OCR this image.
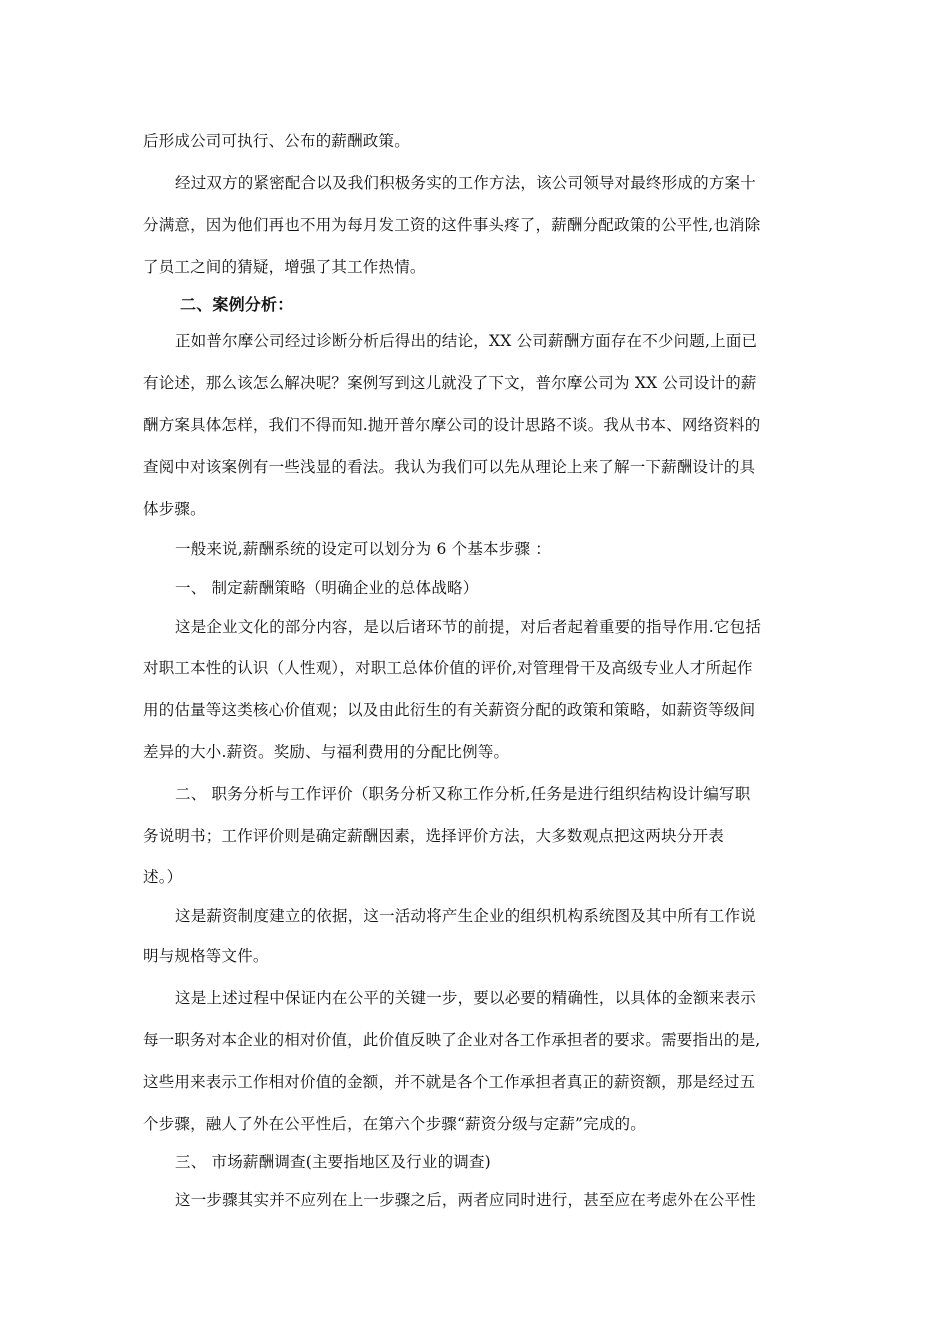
后形成公司可执行、公布的薪酬政策。
经过双方的紧密配合以及我们积极务实的工作方法，该公司领导对最终形成的方案十
分满意，因为他们再也不用为每月发工资的这件事头疼了，薪酬分配政策的公平性,也消除
了员工之间的猜疑，增强了其工作热情。
二、案例分析：
正如普尔摩公司经过诊断分析后得出的结论，XX 公司薪酬方面存在不少问题,上面已
有论述，那么该怎么解决呢？案例写到这儿就没了下文，普尔摩公司为 XX 公司设计的薪
酬方案具体怎样，我们不得而知.抛开普尔摩公司的设计思路不谈。我从书本、网络资料的
查阅中对该案例有一些浅显的看法。我认为我们可以先从理论上来了解一下薪酬设计的具
体步骤。
一般来说,薪酬系统的设定可以划分为 6 个基本步骤 ：
一、 制定薪酬策略（明确企业的总体战略）
这是企业文化的部分内容，是以后诸环节的前提，对后者起着重要的指导作用.它包括
对职工本性的认识（人性观），对职工总体价值的评价,对管理骨干及高级专业人才所起作
用的估量等这类核心价值观；以及由此衍生的有关薪资分配的政策和策略，如薪资等级间
差异的大小.薪资。奖励、与福利费用的分配比例等。
二、 职务分析与工作评价（职务分析又称工作分析,任务是进行组织结构设计编写职
务说明书；工作评价则是确定薪酬因素，选择评价方法，大多数观点把这两块分开表
述。）
这是薪资制度建立的依据，这一活动将产生企业的组织机构系统图及其中所有工作说
明与规格等文件。
这是上述过程中保证内在公平的关键一步，要以必要的精确性，以具体的金额来表示
每一职务对本企业的相对价值，此价值反映了企业对各工作承担者的要求。需要指出的是,
这些用来表示工作相对价值的金额，并不就是各个工作承担者真正的薪资额，那是经过五
个步骤，融人了外在公平性后，在第六个步骤“薪资分级与定薪”完成的。
三、 市场薪酬调查(主要指地区及行业的调查)
这一步骤其实并不应列在上一步骤之后，两者应同时进行，甚至应在考虑外在公平性
